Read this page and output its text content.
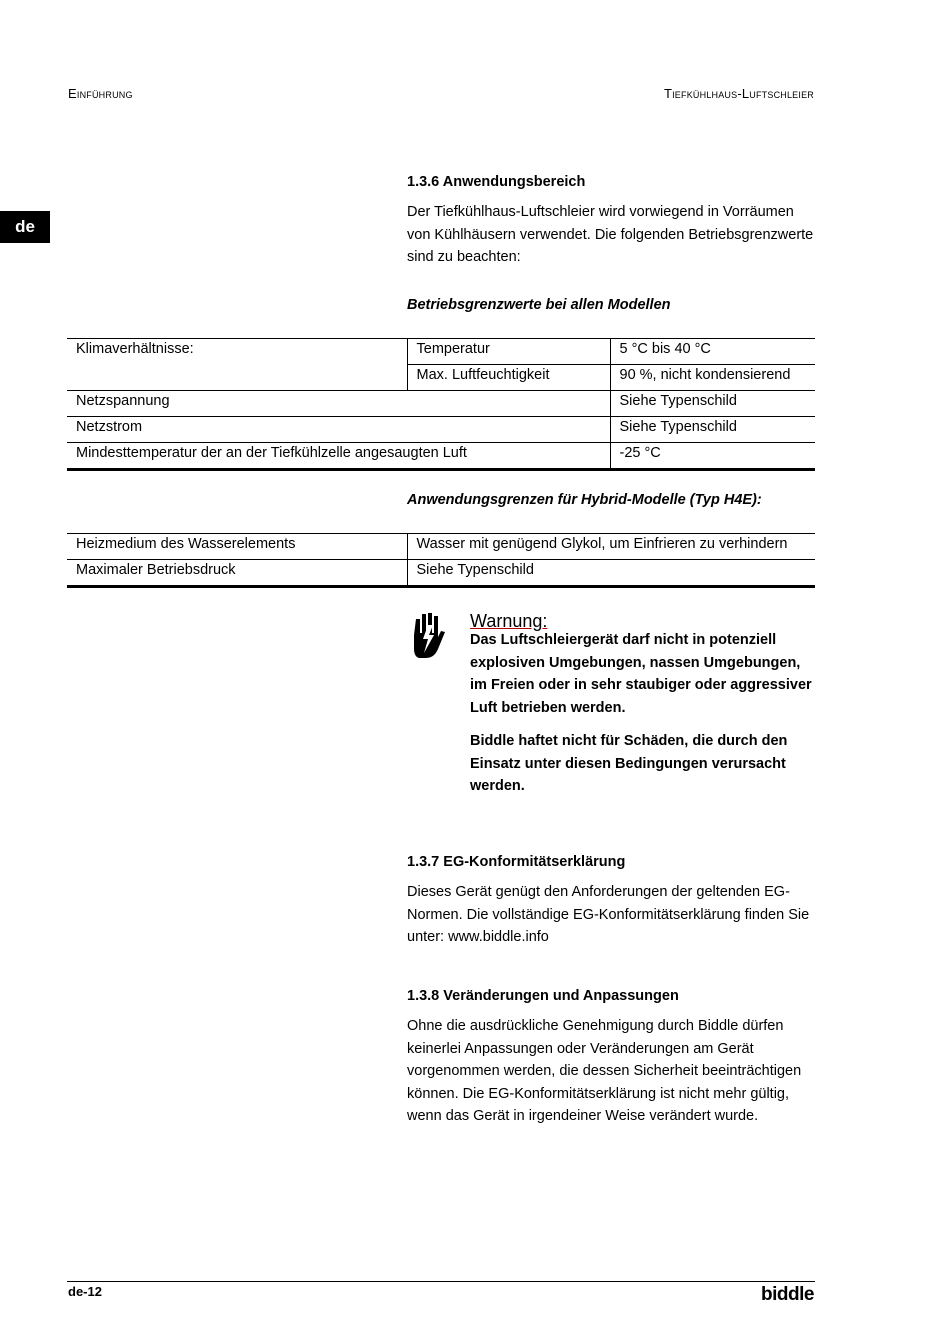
Einführung	Tiefkühlhaus-Luftschleier
de
1.3.6 Anwendungsbereich

Der Tiefkühlhaus-Luftschleier wird vorwiegend in Vorräumen von Kühlhäusern verwendet. Die folgenden Betriebsgrenzwerte sind zu beachten:

Betriebsgrenzwerte bei allen Modellen
Klimaverhältnisse:	Temperatur	5 °C bis 40 °C
	Max. Luftfeuchtigkeit	90 %, nicht kondensierend
Netzspannung		Siehe Typenschild
Netzstrom		Siehe Typenschild
Mindesttemperatur der an der Tiefkühlzelle angesaugten Luft		-25 °C
Anwendungsgrenzen für Hybrid-Modelle (Typ H4E):
Heizmedium des Wasserelements	Wasser mit genügend Glykol, um Einfrieren zu verhindern
Maximaler Betriebsdruck	Siehe Typenschild
Warnung:

Das Luftschleiergerät darf nicht in potenziell explosiven Umgebungen, nassen Umgebungen, im Freien oder in sehr staubiger oder aggressiver Luft betrieben werden.

Biddle haftet nicht für Schäden, die durch den Einsatz unter diesen Bedingungen verursacht werden.

1.3.7 EG-Konformitätserklärung

Dieses Gerät genügt den Anforderungen der geltenden EG-Normen. Die vollständige EG-Konformitätserklärung finden Sie unter: www.biddle.info

1.3.8 Veränderungen und Anpassungen

Ohne die ausdrückliche Genehmigung durch Biddle dürfen keinerlei Anpassungen oder Veränderungen am Gerät vorgenommen werden, die dessen Sicherheit beeinträchtigen können. Die EG-Konformitätserklärung ist nicht mehr gültig, wenn das Gerät in irgendeiner Weise verändert wurde.

de-12	biddle
